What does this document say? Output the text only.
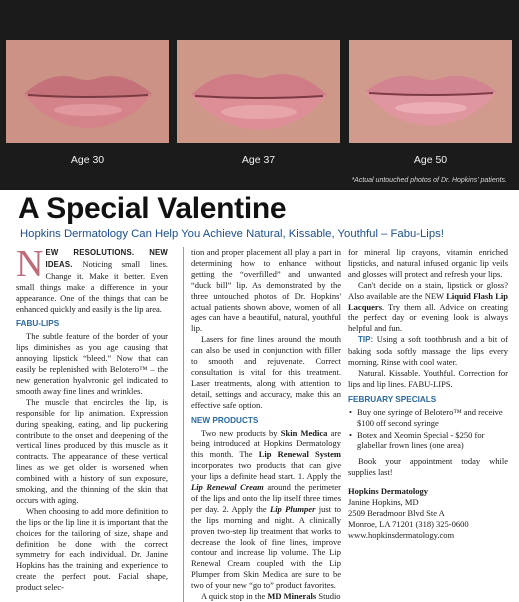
Age 30	Age 37	Age 50
*Actual untouched photos of Dr. Hopkins' patients.
A Special Valentine
Hopkins Dermatology Can Help You Achieve Natural, Kissable, Youthful – Fabu-Lips!

NEW RESOLUTIONS. NEW IDEAS. Noticing small lines. Change it. Make it better. Even small things make a difference in your appearance. One of the things that can be enhanced quickly and easily is the lip area.

FABU-LIPS

The subtle feature of the border of your lips diminishes as you age causing that annoying lipstick “bleed.” Now that can easily be replenished with Belotero™ – the new generation hyalvronic gel indicated to smooth away fine lines and wrinkles.

The muscle that encircles the lip, is responsible for lip animation. Expression during speaking, eating, and lip puckering contribute to the onset and deepening of the vertical lines produced by this muscle as it contracts. The appearance of these vertical lines as we get older is worsened when combined with a history of sun exposure, smoking, and the thinning of the skin that occurs with aging.

When choosing to add more definition to the lips or the lip line it is important that the choices for the tailoring of size, shape and definition be done with the correct symmetry for each individual. Dr. Janine Hopkins has the training and experience to create the perfect pout. Facial shape, product selec-

tion and proper placement all play a part in determining how to enhance without getting the “overfilled” and unwanted “duck bill” lip. As demonstrated by the three untouched photos of Dr. Hopkins' actual patients shown above, women of all ages can have a beautiful, natural, youthful lip.

Lasers for fine lines around the mouth can also be used in conjunction with filler to smooth and rejuvenate. Correct consultation is vital for this treatment. Laser treatments, along with attention to detail, settings and accuracy, make this an effective safe option.

NEW PRODUCTS

Two new products by Skin Medica are being introduced at Hopkins Dermatology this month. The Lip Renewal System incorporates two products that can give your lips a definite head start. 1. Apply the Lip Renewal Cream around the perimeter of the lips and onto the lip itself three times per day. 2. Apply the Lip Plumper just to the lips morning and night. A clinically proven two-step lip treatment that works to decrease the look of fine lines, improve contour and increase lip volume. The Lip Renewal Cream coupled with the Lip Plumper from Skin Medica are sure to be two of your new “go to” product favorites.

A quick stop in the MD Minerals Studio

for mineral lip crayons, vitamin enriched lipsticks, and natural infused organic lip veils and glosses will protect and refresh your lips.

Can't decide on a stain, lipstick or gloss? Also available are the NEW Liquid Flash Lip Lacquers. Try them all. Advice on creating the perfect day or evening look is always helpful and fun.

TIP: Using a soft toothbrush and a bit of baking soda softly massage the lips every morning. Rinse with cool water.

Natural. Kissable. Youthful. Correction for lips and lip lines. FABU-LIPS.

FEBRUARY SPECIALS
• Buy one syringe of Belotero™ and receive $100 off second syringe
• Botex and Xeomin Special - $250 for glabellar frown lines (one area)

Book your appointment today while supplies last!

Hopkins Dermatology
Janine Hopkins, MD
2509 Beradmoor Blvd Ste A
Monroe, LA 71201 (318) 325-0600
www.hopkinsdermatology.com
